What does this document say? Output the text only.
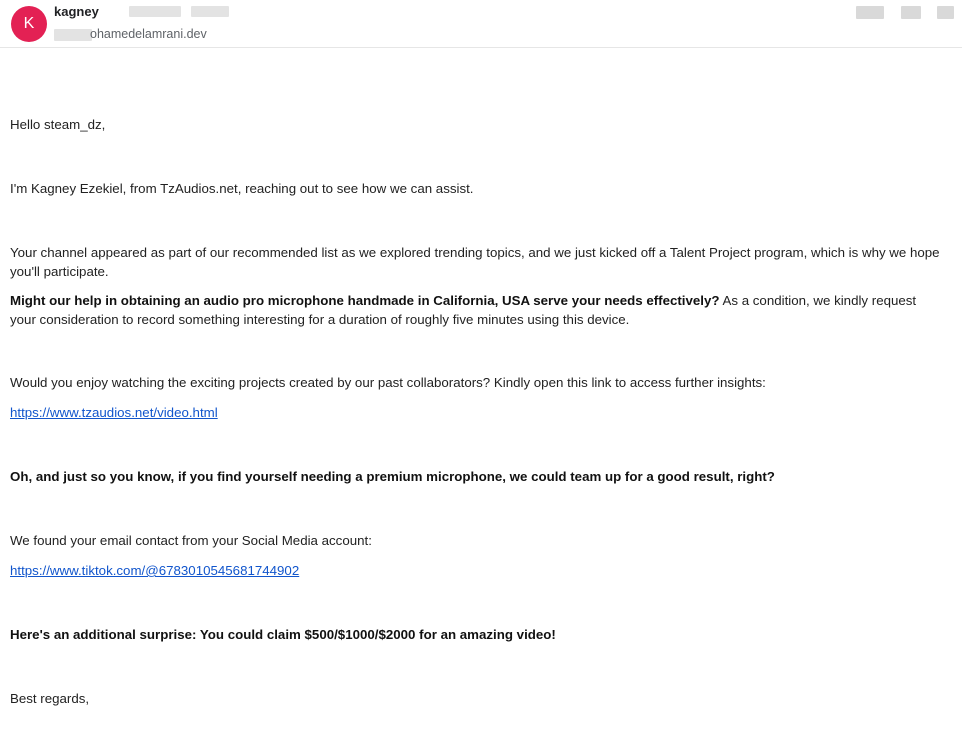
K
kagney
ohamedelamrani.dev

Hello steam_dz,

I'm Kagney Ezekiel, from TzAudios.net, reaching out to see how we can assist.

Your channel appeared as part of our recommended list as we explored trending topics, and we just kicked off a Talent Project program, which is why we hope you'll participate.

Might our help in obtaining an audio pro microphone handmade in California, USA serve your needs effectively? As a condition, we kindly request your consideration to record something interesting for a duration of roughly five minutes using this device.

Would you enjoy watching the exciting projects created by our past collaborators? Kindly open this link to access further insights:

https://www.tzaudios.net/video.html

Oh, and just so you know, if you find yourself needing a premium microphone, we could team up for a good result, right?

We found your email contact from your Social Media account:

https://www.tiktok.com/@6783010545681744902

Here's an additional surprise: You could claim $500/$1000/$2000 for an amazing video!

Best regards,
